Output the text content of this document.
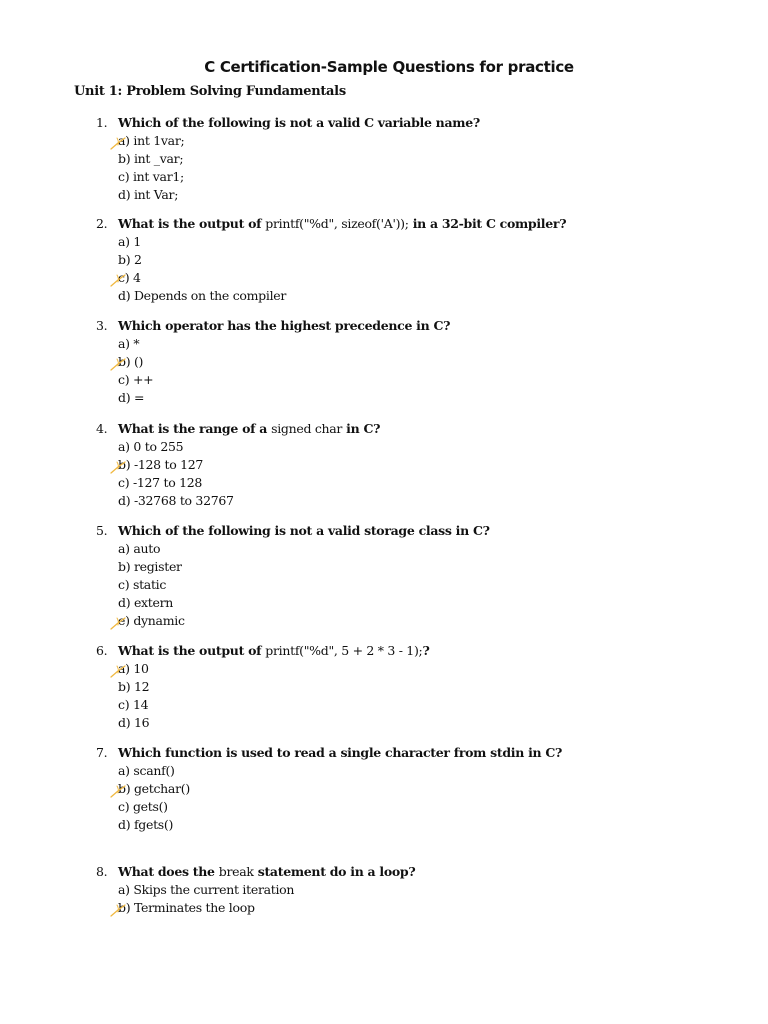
C Certification-Sample Questions for practice
Unit 1: Problem Solving Fundamentals
1. Which of the following is not a valid C variable name?
a) int 1var;
b) int _var;
c) int var1;
d) int Var;
2. What is the output of printf("%d", sizeof('A')); in a 32-bit C compiler?
a) 1
b) 2
c) 4
d) Depends on the compiler
3. Which operator has the highest precedence in C?
a) *
b) ()
c) ++
d) =
4. What is the range of a signed char in C?
a) 0 to 255
b) -128 to 127
c) -127 to 128
d) -32768 to 32767
5. Which of the following is not a valid storage class in C?
a) auto
b) register
c) static
d) extern
e) dynamic
6. What is the output of printf("%d", 5 + 2 * 3 - 1);?
a) 10
b) 12
c) 14
d) 16
7. Which function is used to read a single character from stdin in C?
a) scanf()
b) getchar()
c) gets()
d) fgets()
8. What does the break statement do in a loop?
a) Skips the current iteration
b) Terminates the loop
